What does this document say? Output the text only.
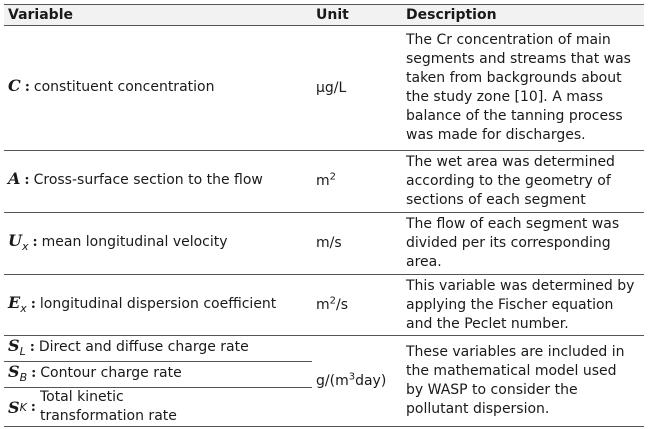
Variable	Unit	Description
C : constituent concentration	μg/L	The Cr concentration of main segments and streams that was taken from backgrounds about the study zone [10]. A mass balance of the tanning process was made for discharges.

A : Cross-surface section to the flow	$m^2$	The wet area was determined according to the geometry of sections of each segment

$U_x$ : mean longitudinal velocity	m/s	The flow of each segment was divided per its corresponding area.

$E_x$ : longitudinal dispersion coefficient	$m^2/s$	This variable was determined by applying the Fischer equation and the Peclet number.

$S_L$ : Direct and diffuse charge rate	$g/(m^3day)$	These variables are included in the mathematical model used by WASP to consider the pollutant dispersion.

$S_B$ : Contour charge rate		

S K :
Total kinetic transformation rate		
